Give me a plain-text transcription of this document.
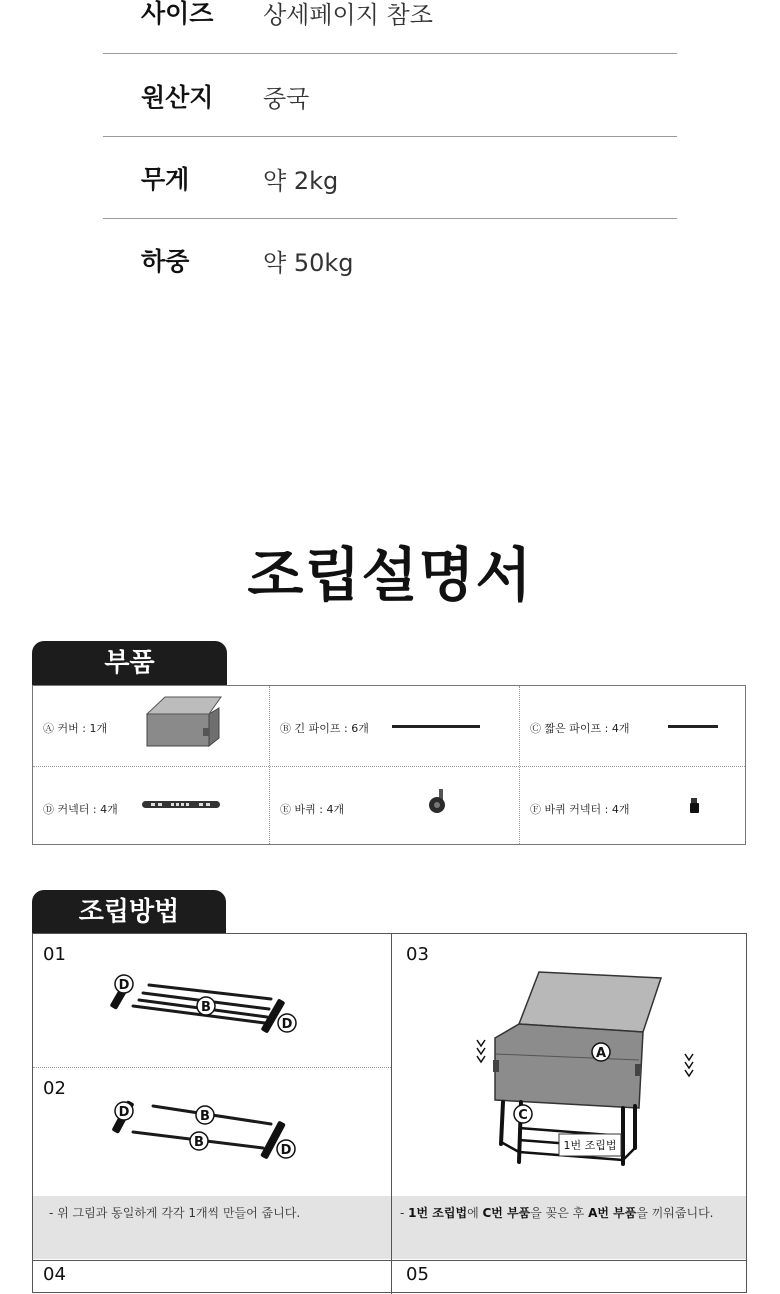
사이즈 상세페이지 참조
원산지 중국
무게	약 2kg
하중	약 50kg
조립설명서
부품
Ⓐ 커버 : 1개	Ⓑ 긴 파이프 : 6개	Ⓒ 짧은 파이프 : 4개
Ⓓ 커넥터 : 4개	Ⓔ 바퀴 : 4개	Ⓕ 바퀴 커넥터 : 4개
조립방법
01
02
03
04	05
D
B
D
D	B
B
D
A
C
1번 조립법
- 위 그림과 동일하게 각각 1개씩 만들어 줍니다.	- 1번 조립법에 C번 부품을 꽂은 후 A번 부품을 끼워줍니다.
